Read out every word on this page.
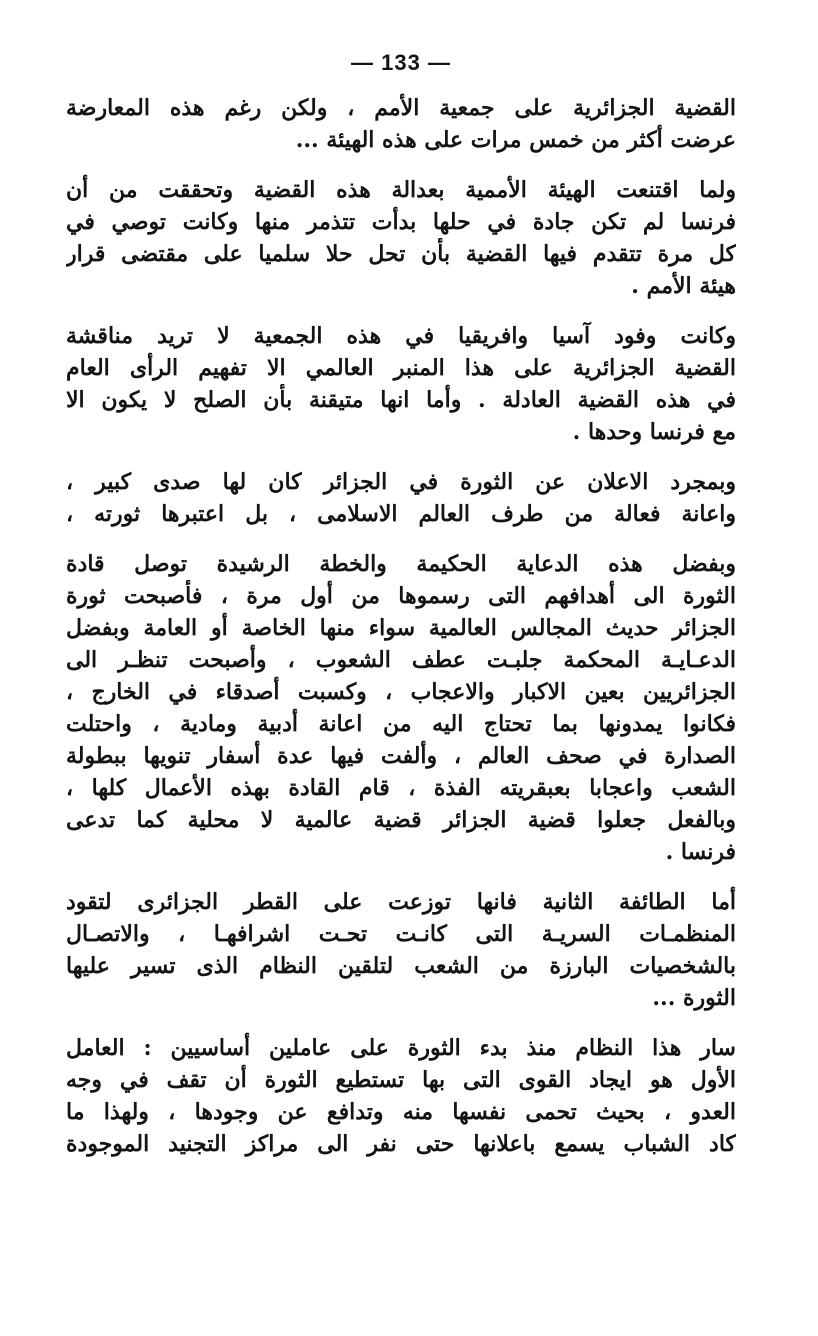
— 133 —
القضية الجزائرية على جمعية الأمم ، ولكن رغم هذه المعارضة
عرضت أكثر من خمس مرات على هذه الهيئة ...
ولما اقتنعت الهيئة الأممية بعدالة هذه القضية وتحققت من أن
فرنسا لم تكن جادة في حلها بدأت تتذمر منها وكانت توصي في
كل مرة تتقدم فيها القضية بأن تحل حلا سلميا على مقتضى قرار
هيئة الأمم .
وكانت وفود آسيا وافريقيا في هذه الجمعية لا تريد مناقشة
القضية الجزائرية على هذا المنبر العالمي الا تفهيم الرأى العام
في هذه القضية العادلة . وأما انها متيقنة بأن الصلح لا يكون الا
مع فرنسا وحدها .
وبمجرد الاعلان عن الثورة في الجزائر كان لها صدى كبير ،
واعانة فعالة من طرف العالم الاسلامى ، بل اعتبرها ثورته ،
وبفضل هذه الدعاية الحكيمة والخطة الرشيدة توصل قادة
الثورة الى أهدافهم التى رسموها من أول مرة ، فأصبحت ثورة
الجزائر حديث المجالس العالمية سواء منها الخاصة أو العامة وبفضل
الدعـايـة المحكمة جلبـت عطف الشعوب ، وأصبحت تنظـر الى
الجزائريين بعين الاكبار والاعجاب ، وكسبت أصدقاء في الخارج ،
فكانوا يمدونها بما تحتاج اليه من اعانة أدبية ومادية ، واحتلت
الصدارة في صحف العالم ، وألفت فيها عدة أسفار تنويها ببطولة
الشعب واعجابا بعبقريته الفذة ، قام القادة بهذه الأعمال كلها ،
وبالفعل جعلوا قضية الجزائر قضية عالمية لا محلية كما تدعى
فرنسا .
أما الطائفة الثانية فانها توزعت على القطر الجزائرى لتقود
المنظمـات السريـة التى كانـت تحـت اشرافهـا ، والاتصـال
بالشخصيات البارزة من الشعب لتلقين النظام الذى تسير عليها
الثورة ...
سار هذا النظام منذ بدء الثورة على عاملين أساسيين : العامل
الأول هو ايجاد القوى التى بها تستطيع الثورة أن تقف في وجه
العدو ، بحيث تحمى نفسها منه وتدافع عن وجودها ، ولهذا ما
كاد الشباب يسمع باعلانها حتى نفر الى مراكز التجنيد الموجودة
